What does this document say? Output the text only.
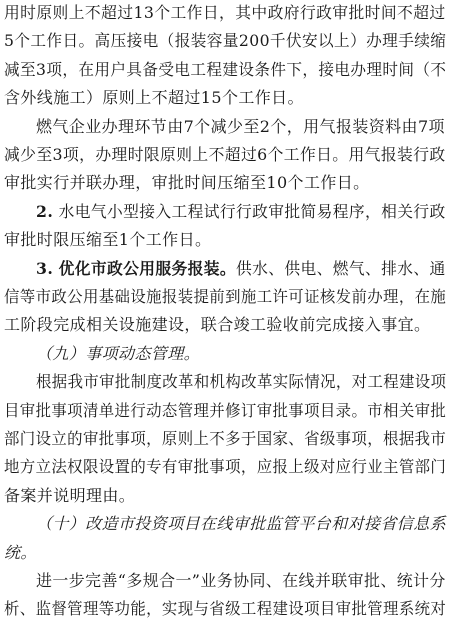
用时原则上不超过13个工作日，其中政府行政审批时间不超过
5个工作日。高压接电（报装容量200千伏安以上）办理手续缩
减至3项，在用户具备受电工程建设条件下，接电办理时间（不
含外线施工）原则上不超过15个工作日。
燃气企业办理环节由7个减少至2个，用气报装资料由7项
减少至3项，办理时限原则上不超过6个工作日。用气报装行政
审批实行并联办理，审批时间压缩至10个工作日。
2. 水电气小型接入工程试行行政审批简易程序，相关行政
审批时限压缩至1个工作日。
3. 优化市政公用服务报装。供水、供电、燃气、排水、通
信等市政公用基础设施报装提前到施工许可证核发前办理，在施
工阶段完成相关设施建设，联合竣工验收前完成接入事宜。
（九）事项动态管理。
根据我市审批制度改革和机构改革实际情况，对工程建设项
目审批事项清单进行动态管理并修订审批事项目录。市相关审批
部门设立的审批事项，原则上不多于国家、省级事项，根据我市
地方立法权限设置的专有审批事项，应报上级对应行业主管部门
备案并说明理由。
（十）改造市投资项目在线审批监管平台和对接省信息系
统。
进一步完善“多规合一”业务协同、在线并联审批、统计分
析、监督管理等功能，实现与省级工程建设项目审批管理系统对
